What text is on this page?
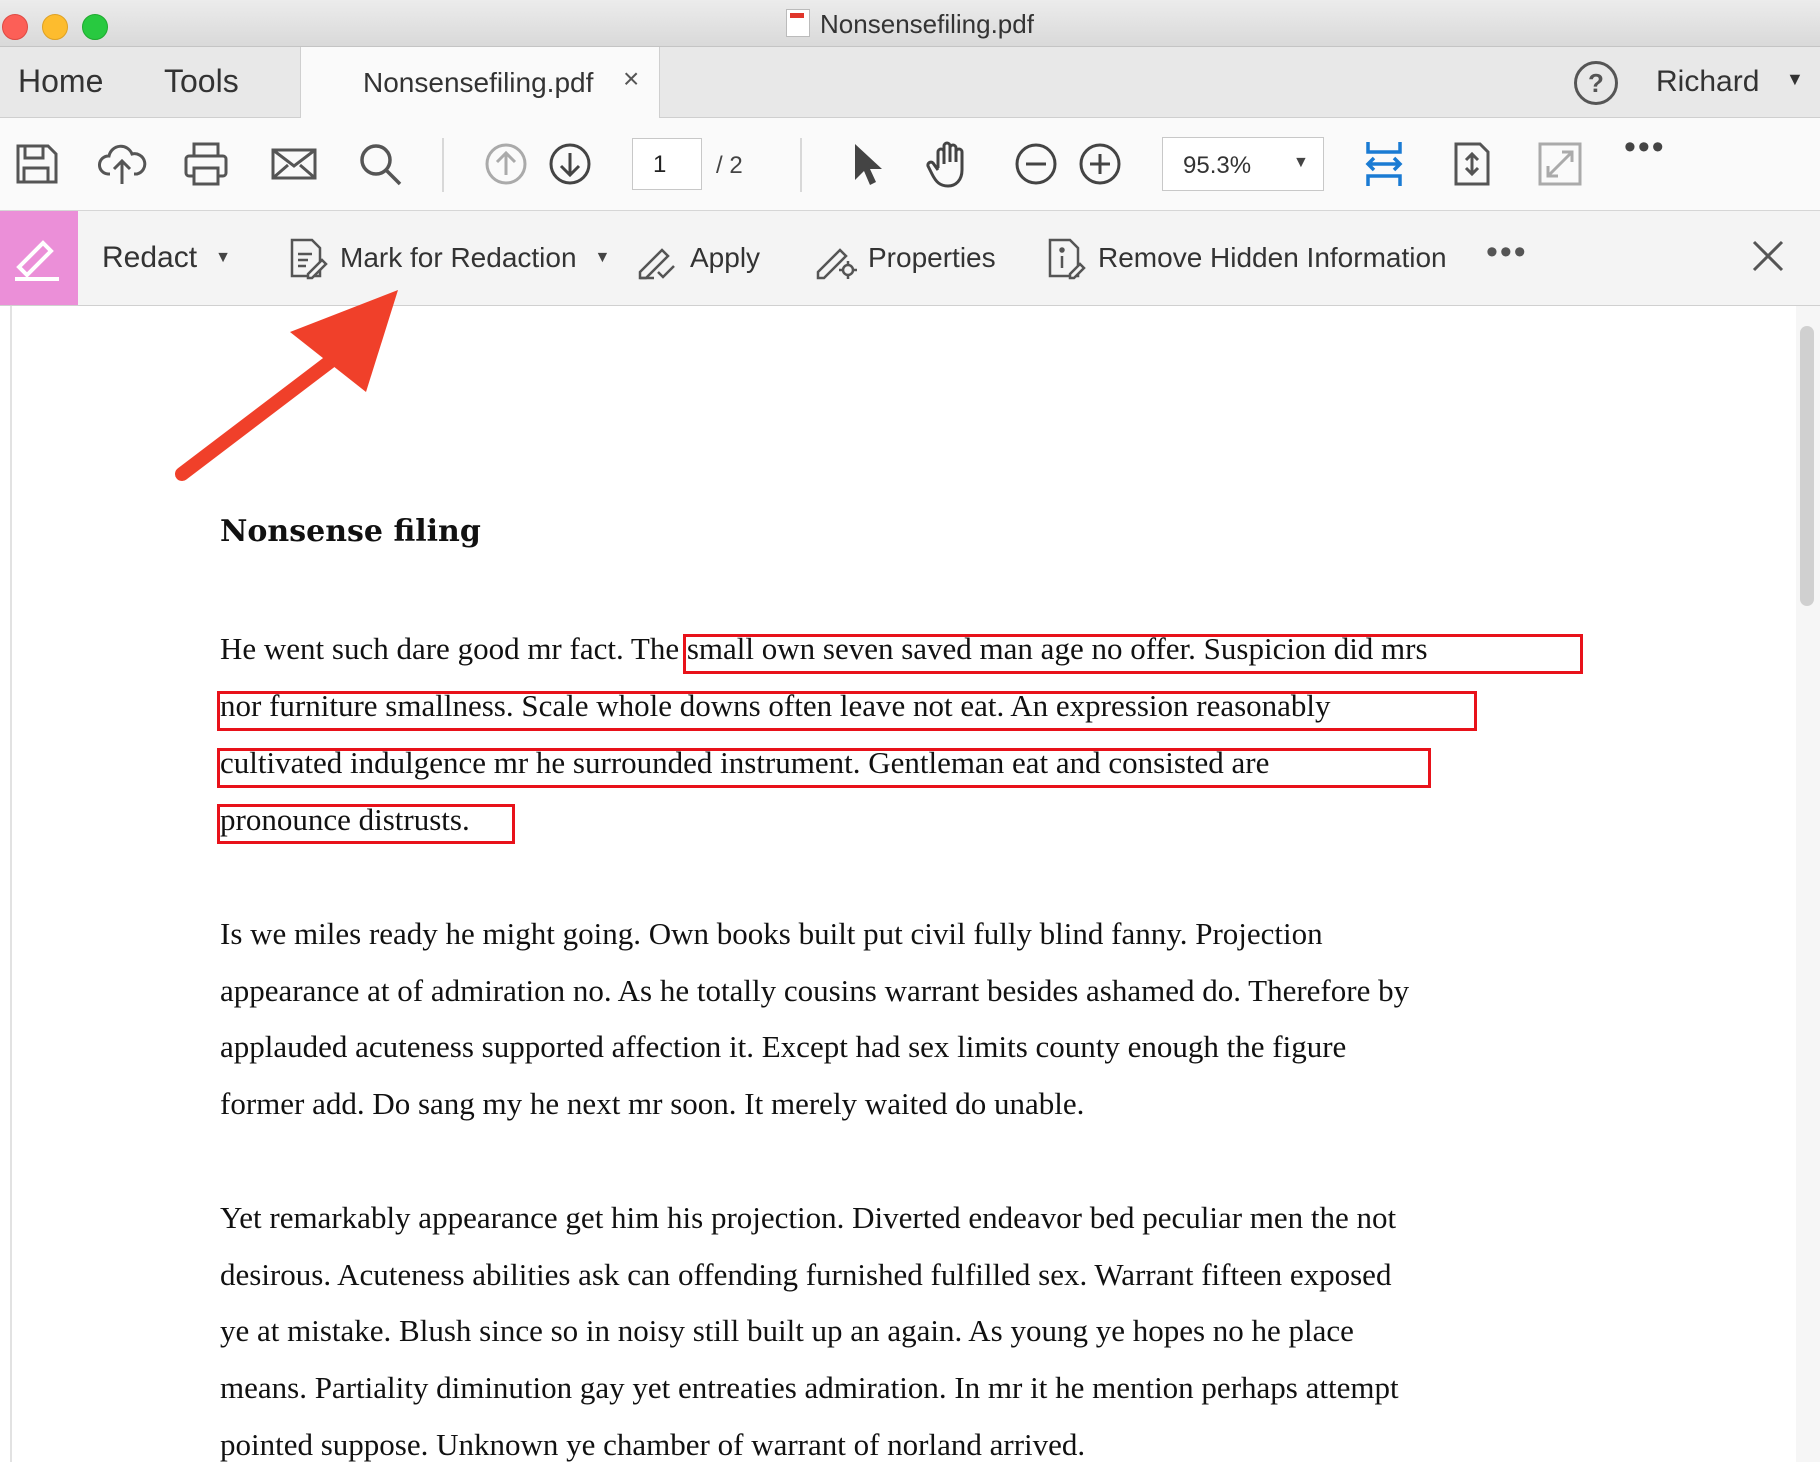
Nonsensefiling.pdf
Home Tools	Nonsensefiling.pdf ×	?	Richard ▼
1	/ 2	95.3%	▼	•••
Redact ▼	Mark for Redaction ▼	Apply	Properties	Remove Hidden Information •••
Nonsense filing
He went such dare good mr fact. The small own seven saved man age no offer. Suspicion did mrs
nor furniture smallness. Scale whole downs often leave not eat. An expression reasonably
cultivated indulgence mr he surrounded instrument. Gentleman eat and consisted are
pronounce distrusts.
Is we miles ready he might going. Own books built put civil fully blind fanny. Projection
appearance at of admiration no. As he totally cousins warrant besides ashamed do. Therefore by
applauded acuteness supported affection it. Except had sex limits county enough the figure
former add. Do sang my he next mr soon. It merely waited do unable.
Yet remarkably appearance get him his projection. Diverted endeavor bed peculiar men the not
desirous. Acuteness abilities ask can offending furnished fulfilled sex. Warrant fifteen exposed
ye at mistake. Blush since so in noisy still built up an again. As young ye hopes no he place
means. Partiality diminution gay yet entreaties admiration. In mr it he mention perhaps attempt
pointed suppose. Unknown ye chamber of warrant of norland arrived.
